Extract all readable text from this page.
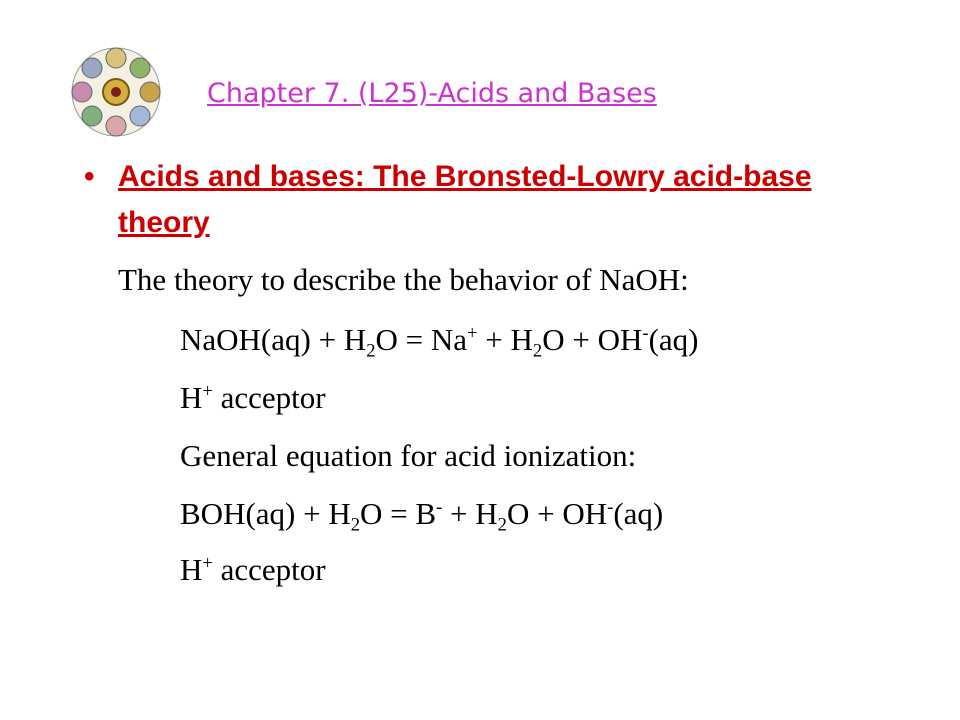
Chapter 7. (L25)-Acids and Bases
• Acids and bases: The Bronsted-Lowry acid-base theory
The theory to describe the behavior of NaOH:
NaOH(aq) + $H_2O = Na^+ + H_2O + OH^-(aq)$
H+ acceptor
General equation for acid ionization:
$BOH(aq) + H_2O = B^- + H_2O + OH^-(aq)$
H+ acceptor
